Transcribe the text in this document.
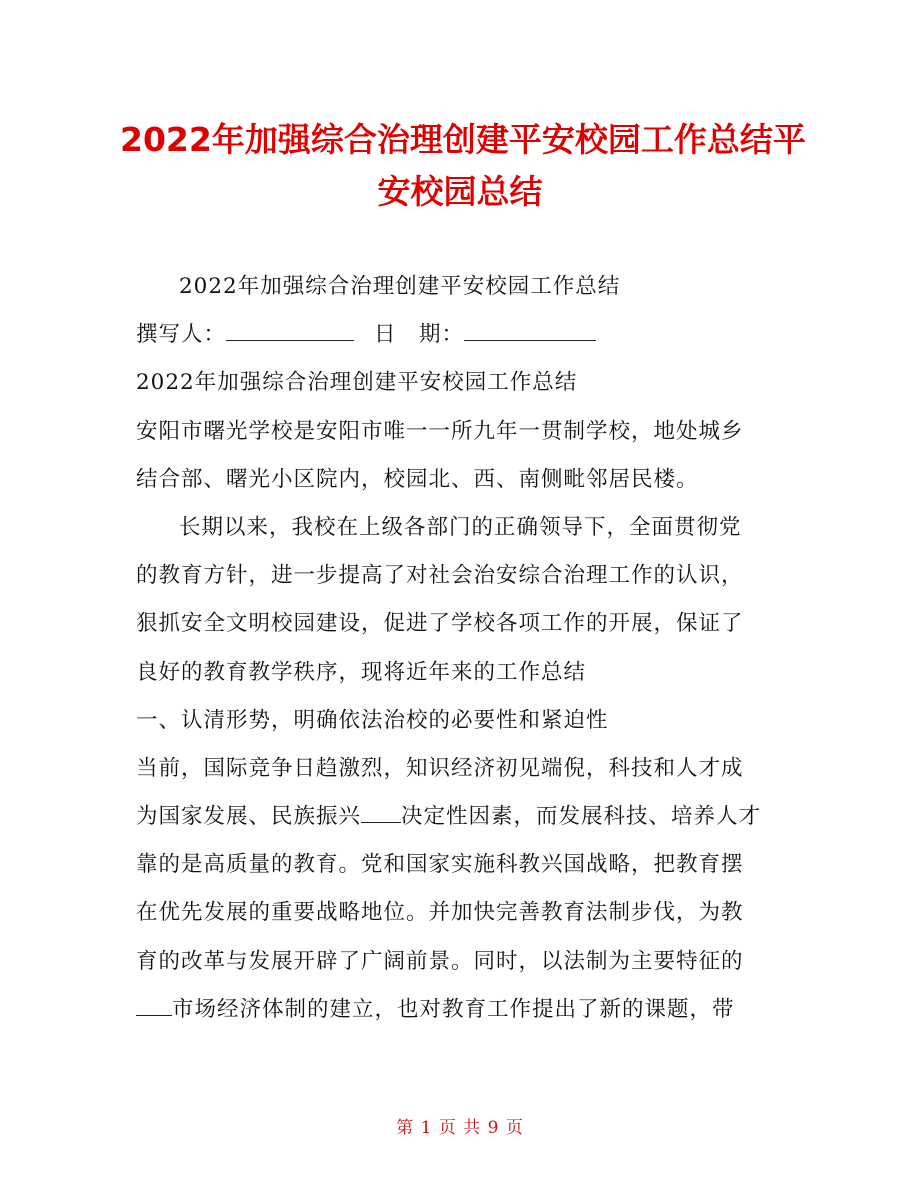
2022年加强综合治理创建平安校园工作总结平
安校园总结
2022年加强综合治理创建平安校园工作总结
撰写人：	日　期：
2022年加强综合治理创建平安校园工作总结
安阳市曙光学校是安阳市唯一一所九年一贯制学校，地处城乡
结合部、曙光小区院内，校园北、西、南侧毗邻居民楼。
长期以来，我校在上级各部门的正确领导下，全面贯彻党
的教育方针，进一步提高了对社会治安综合治理工作的认识，
狠抓安全文明校园建设，促进了学校各项工作的开展，保证了
良好的教育教学秩序，现将近年来的工作总结
一、认清形势，明确依法治校的必要性和紧迫性
当前，国际竞争日趋激烈，知识经济初见端倪，科技和人才成
为国家发展、民族振兴 决定性因素，而发展科技、培养人才
靠的是高质量的教育。党和国家实施科教兴国战略，把教育摆
在优先发展的重要战略地位。并加快完善教育法制步伐，为教
育的改革与发展开辟了广阔前景。同时，以法制为主要特征的
市场经济体制的建立，也对教育工作提出了新的课题，带
第 1 页 共 9 页
